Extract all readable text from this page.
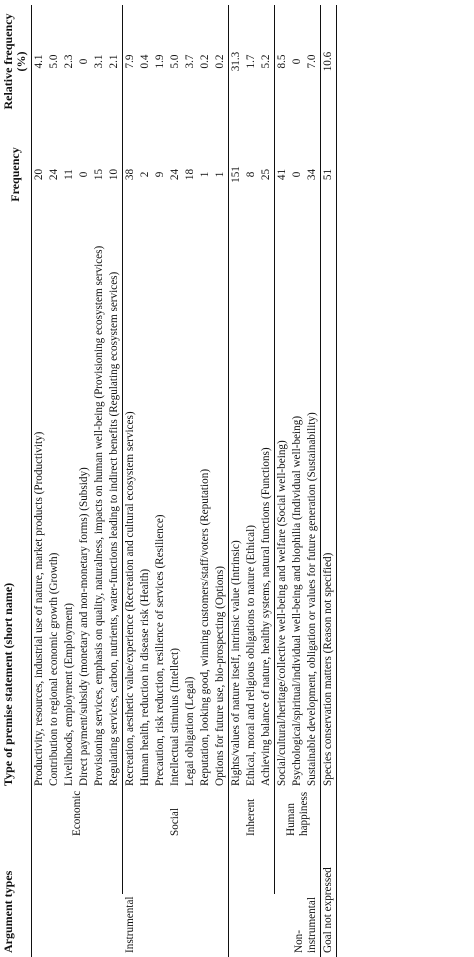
Argument types		Type of premise statement (short name)	Frequency	Relative frequency (%)
Instrumental	Economic	Productivity, resources, industrial use of nature, market products (Productivity)	20	4.1
		Contribution to regional economic growth (Growth)	24	5.0
		Livelihoods, employment (Employment)	11	2.3
		Direct payment/subsidy (monetary and non-monetary forms) (Subsidy)	0	0
		Provisioning services, emphasis on quality, naturalness, impacts on human well-being (Provisioning ecosystem services)	15	3.1
		Regulating services, carbon, nutrients, water-functions leading to indirect benefits (Regulating ecosystem services)	10	2.1
	Social	Recreation, aesthetic value/experience (Recreation and cultural ecosystem services)	38	7.9
		Human health, reduction in disease risk (Health)	2	0.4
		Precaution, risk reduction, resilience of services (Resilience)	9	1.9
		Intellectual stimulus (Intellect)	24	5.0
		Legal obligation (Legal)	18	3.7
		Reputation, looking good, winning customers/staff/voters (Reputation)	1	0.2
		Options for future use, bio-prospecting (Options)	1	0.2
Non-instrumental	Inherent	Rights/values of nature itself, intrinsic value (Intrinsic)	151	31.3
		Ethical, moral and religious obligations to nature (Ethical)	8	1.7
		Achieving balance of nature, healthy systems, natural functions (Functions)	25	5.2
	Human happiness	Social/cultural/heritage/collective well-being and welfare (Social well-being)	41	8.5
		Psychological/spiritual/individual well-being and biophilia (Individual well-being)	0	0
		Sustainable development, obligation or values for future generation (Sustainability)	34	7.0
Goal not expressed		Species conservation matters (Reason not specified)	51	10.6
